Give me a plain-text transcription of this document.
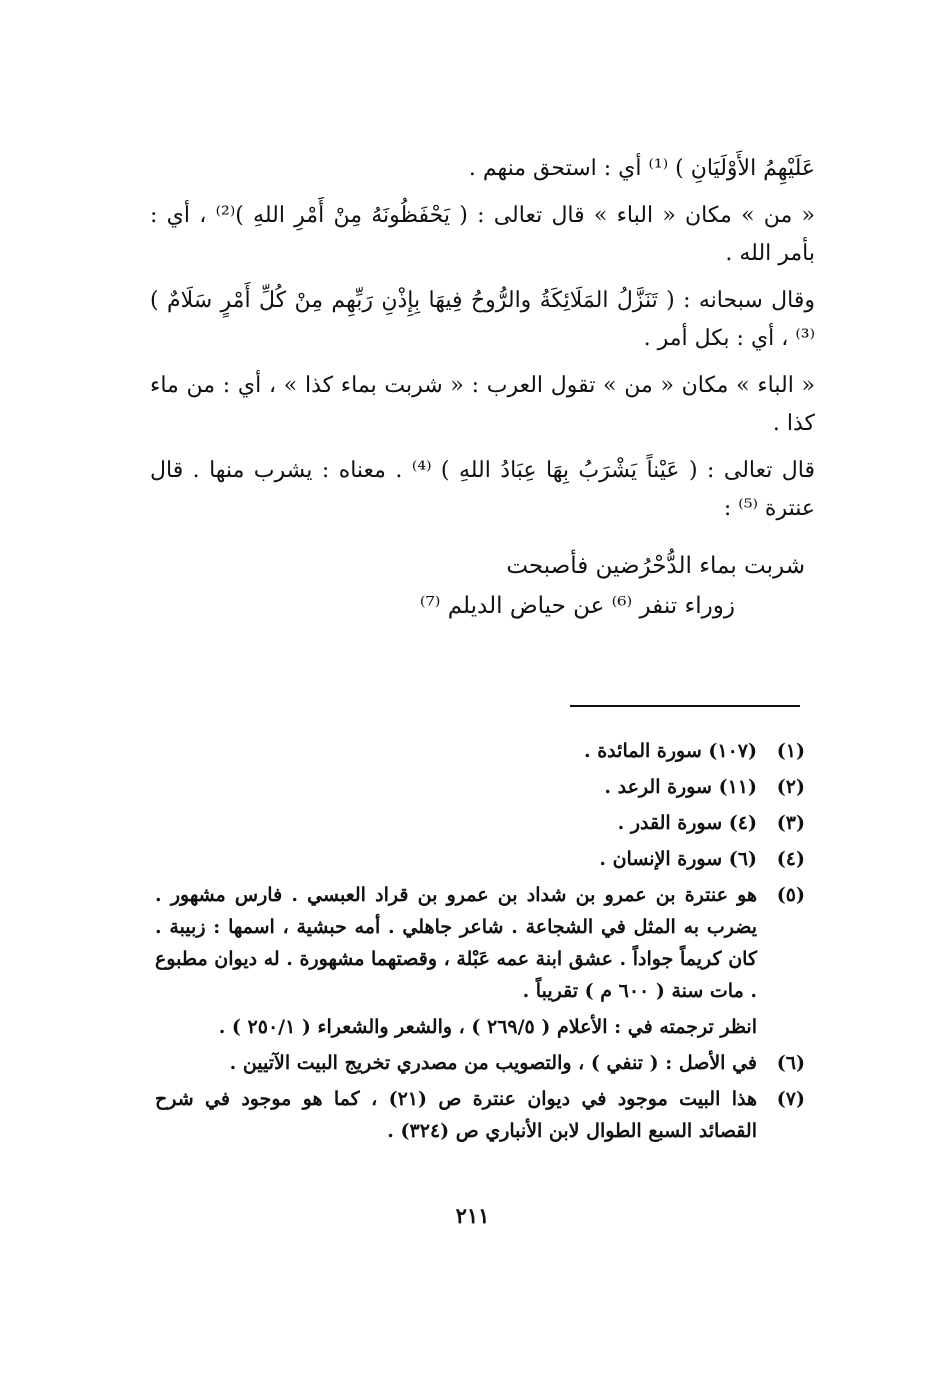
عَلَيْهِمُ الأَوْلَيَانِ ) ⁽¹⁾ أي : استحق منهم .

« من » مكان « الباء » قال تعالى : ( يَحْفَظُونَهُ مِنْ أَمْرِ اللهِ )⁽²⁾ ، أي : بأمر الله .

وقال سبحانه : ( تَنَزَّلُ المَلَائِكَةُ والرُّوحُ فِيهَا بِإِذْنِ رَبِّهِم مِنْ كُلِّ أَمْرٍ سَلَامٌ ) ⁽³⁾ ، أي : بكل أمر .

« الباء » مكان « من » تقول العرب : « شربت بماء كذا » ، أي : من ماء كذا .

قال تعالى : ( عَيْناً يَشْرَبُ بِهَا عِبَادُ اللهِ ) ⁽⁴⁾ . معناه : يشرب منها . قال عنترة ⁽⁵⁾ :

شربت بماء الدُّحْرُضين فأصبحت
زوراء تنفر ⁽⁶⁾ عن حياض الديلم ⁽⁷⁾
(١)
(١٠٧) سورة المائدة .
(٢)
(١١) سورة الرعد .
(٣)
(٤) سورة القدر .
(٤)
(٦) سورة الإنسان .
(٥)
هو عنترة بن عمرو بن شداد بن عمرو بن قراد العبسي . فارس مشهور . يضرب به المثل في الشجاعة . شاعر جاهلي . أمه حبشية ، اسمها : زبيبة . كان كريماً جواداً . عشق ابنة عمه عَبْلة ، وقصتهما مشهورة . له ديوان مطبوع . مات سنة ( ٦٠٠ م ) تقريباً .
انظر ترجمته في : الأعلام ( ٢٦٩/٥ ) ، والشعر والشعراء ( ٢٥٠/١ ) .
(٦)
في الأصل : ( تنفي ) ، والتصويب من مصدري تخريج البيت الآتيين .
(٧)
هذا البيت موجود في ديوان عنترة ص (٢١) ، كما هو موجود في شرح القصائد السبع الطوال لابن الأنباري ص (٣٢٤) .
٢١١
